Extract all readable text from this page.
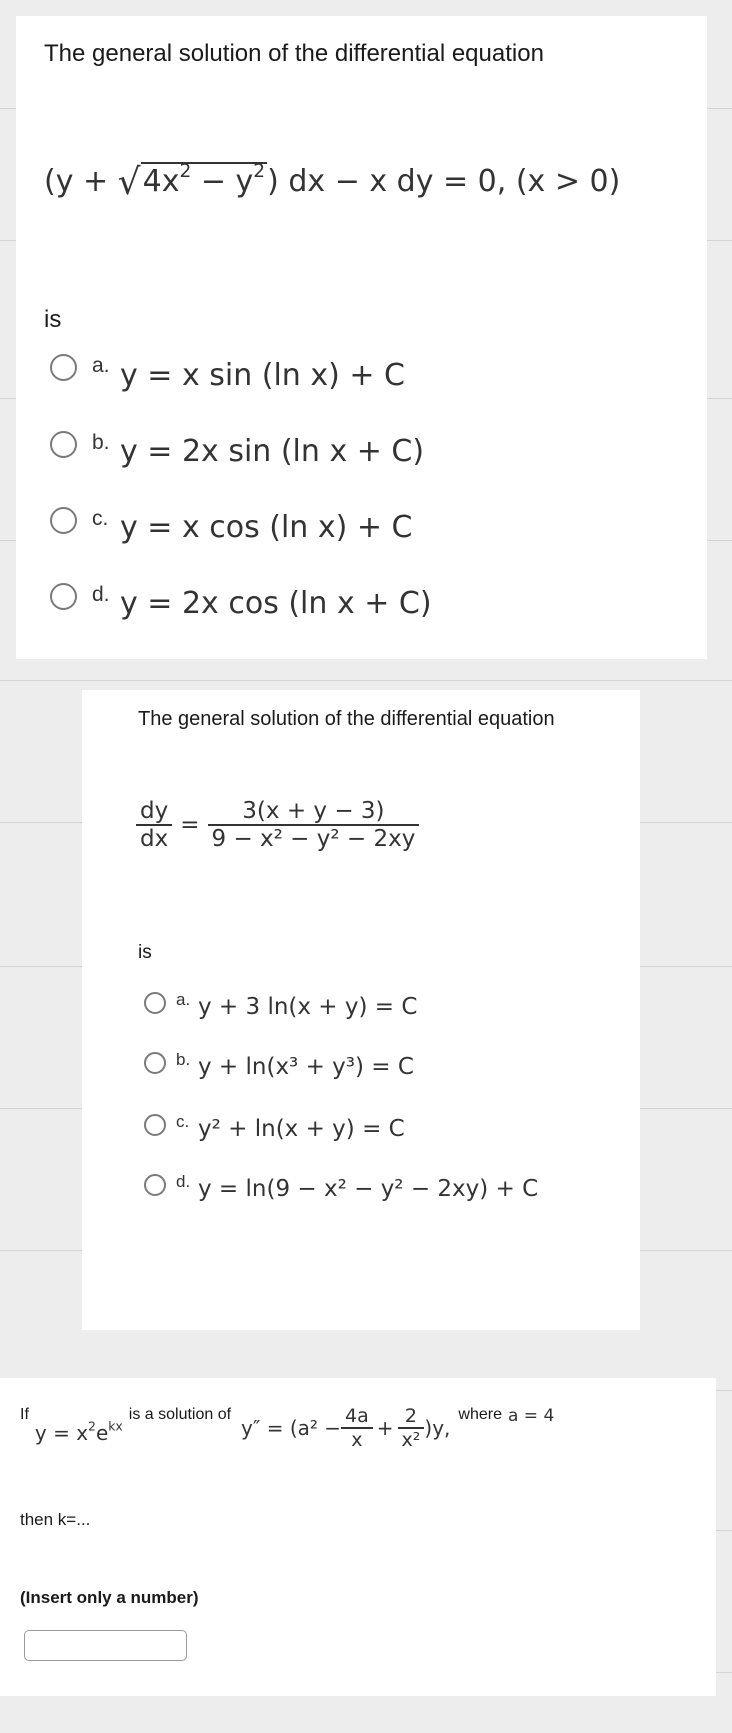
The general solution of the differential equation
$(y + √4x^2 - y^2)$ dx − x dy = 0, (x > 0)
is
a. y = x sin (ln x) + C
b. y = 2x sin (ln x + C)
c. y = x cos (ln x) + C
d. y = 2x cos (ln x + C)
The general solution of the differential equation
$\frac{dy}{dx} = \frac{3(x + y - 3)}{\text{9 − x² − y² − 2xy}}$
is
a. y + 3 ln(x + y) = C
b. y + ln(x³ + y³) = C
c. y² + ln(x + y) = C
d. y = ln(9 − x² − y² − 2xy) + C
If
$y = x^2e^{kx}$
is a solution of
$y'' = (a^2 - \frac{4a}{x} + \frac{2}{\text{x²}} )y$,
where a = 4
then k=...
(Insert only a number)
